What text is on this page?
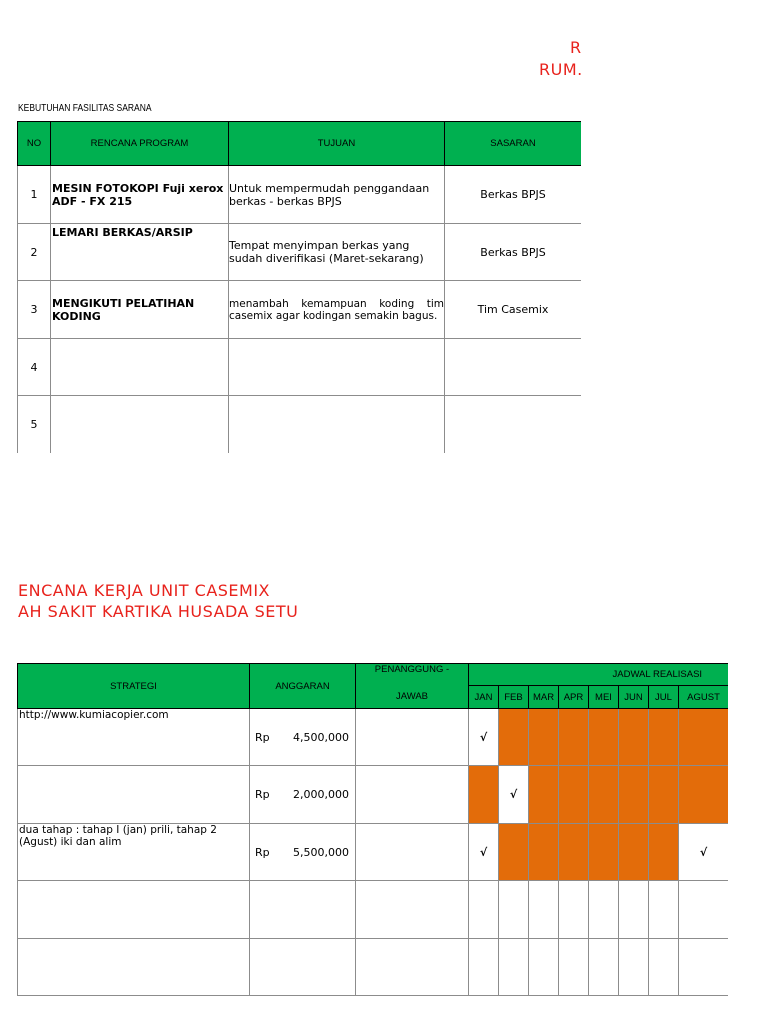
R
RUM.
KEBUTUHAN FASILITAS SARANA
NO	RENCANA PROGRAM	TUJUAN	SASARAN	
1	MESIN FOTOKOPI Fuji xerox ADF - FX 215	Untuk mempermudah penggandaan berkas - berkas BPJS	Berkas BPJS	
2	LEMARI BERKAS/ARSIP	Tempat menyimpan berkas yang sudah diverifikasi (Maret-sekarang)	Berkas BPJS	
3	MENGIKUTI PELATIHAN KODING	menambah kemampuan koding tim casemix agar kodingan semakin bagus.	Tim Casemix	
4				
5				
ENCANA KERJA UNIT CASEMIX
AH SAKIT KARTIKA HUSADA SETU
STRATEGI	ANGGARAN	PENANGGUNG -	JADWAL REALISASI							
		JAWAB	JAN	FEB	MAR	APR	MEI	JUN	JUL	AGUST
http://www.kumiacopier.com	Rp 4,500,000		√							

	Rp 2,000,000			√						
dua tahap : tahap I (jan) prili, tahap 2 (Agust) iki dan alim	Rp 5,500,000		√							√
